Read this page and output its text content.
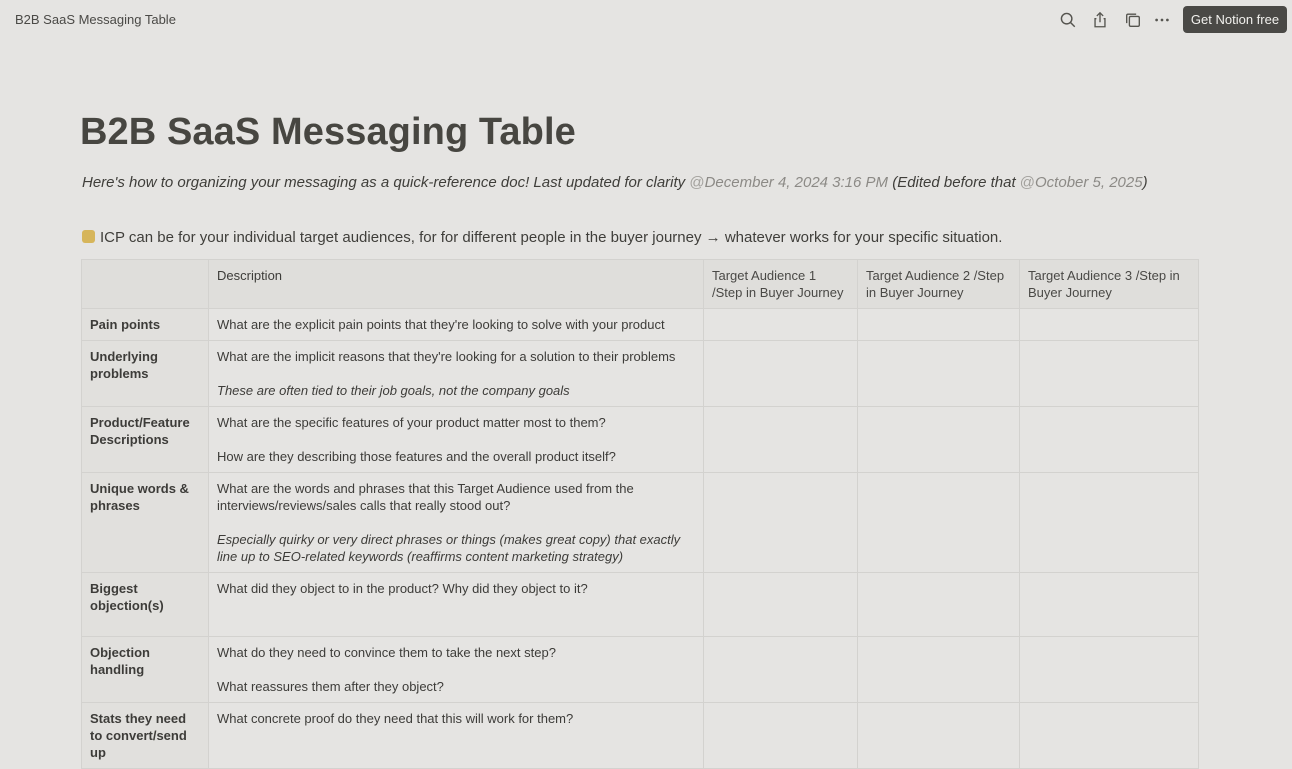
B2B SaaS Messaging Table	Get Notion free
B2B SaaS Messaging Table
Here's how to organizing your messaging as a quick-reference doc! Last updated for clarity @December 4, 2024 3:16 PM (Edited before that @October 5, 2025)
ICP can be for your individual target audiences, for for different people in the buyer journey → whatever works for your specific situation.
	Description	Target Audience 1 /Step in Buyer Journey	Target Audience 2 /Step in Buyer Journey	Target Audience 3 /Step in Buyer Journey
Pain points	What are the explicit pain points that they're looking to solve with your product			

Underlying problems	What are the implicit reasons that they're looking for a solution to their problems

These are often tied to their job goals, not the company goals			

Product/Feature Descriptions	What are the specific features of your product matter most to them?

How are they describing those features and the overall product itself?			

Unique words & phrases	What are the words and phrases that this Target Audience used from the interviews/reviews/sales calls that really stood out?

Especially quirky or very direct phrases or things (makes great copy) that exactly line up to SEO-related keywords (reaffirms content marketing strategy)			

Biggest objection(s)	What did they object to in the product? Why did they object to it?			

Objection handling	What do they need to convince them to take the next step?

What reassures them after they object?			

Stats they need to convert/send up	What concrete proof do they need that this will work for them?			
